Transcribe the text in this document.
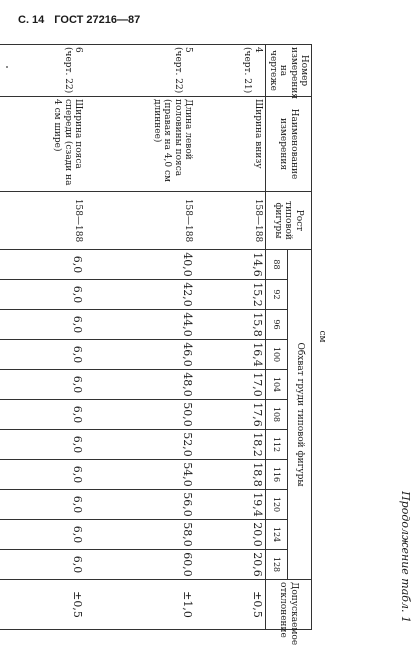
С. 14 ГОСТ 27216—87
Продолжение табл. 1
см
Номер измерения на чертеже	Наименование измерения	Рост типовой фигуры	Обхват груди типовой фигуры											Допускаемое отклонение
			88	92	96	100	104	108	112	116	120	124	128	

4
(черт. 21)	Ширина внизу	158—188	14,6	15,2	15,8	16,4	17,0	17,6	18,2	18,8	19,4	20,0	20,6	±0,5

5
(черт. 22)	Длина левой половины пояса (правая на 4,0 см длиннее)	158—188	40,0	42,0	44,0	46,0	48,0	50,0	52,0	54,0	56,0	58,0	60,0	±1,0

6
(черт. 22)	Ширина пояса спереди (сзади на 4 см шире)	158—188	6,0	6,0	6,0	6,0	6,0	6,0	6,0	6,0	6,0	6,0	6,0	±0,5
